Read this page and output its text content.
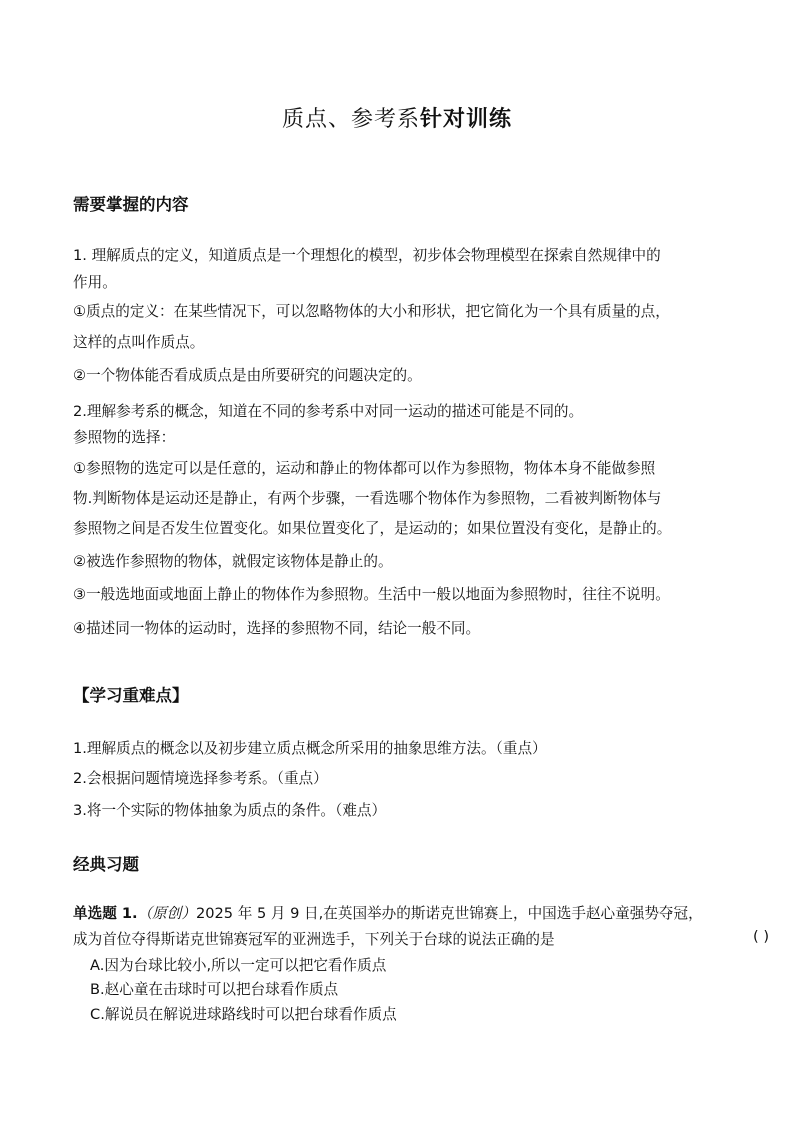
质点、参考系针对训练
需要掌握的内容
1. 理解质点的定义，知道质点是一个理想化的模型，初步体会物理模型在探索自然规律中的
作用。
①质点的定义：在某些情况下，可以忽略物体的大小和形状，把它简化为一个具有质量的点，
这样的点叫作质点。
②一个物体能否看成质点是由所要研究的问题决定的。
2.理解参考系的概念，知道在不同的参考系中对同一运动的描述可能是不同的。
参照物的选择：
①参照物的选定可以是任意的，运动和静止的物体都可以作为参照物，物体本身不能做参照
物.判断物体是运动还是静止，有两个步骤，一看选哪个物体作为参照物，二看被判断物体与
参照物之间是否发生位置变化。如果位置变化了，是运动的；如果位置没有变化，是静止的。
②被选作参照物的物体，就假定该物体是静止的。
③一般选地面或地面上静止的物体作为参照物。生活中一般以地面为参照物时，往往不说明。
④描述同一物体的运动时，选择的参照物不同，结论一般不同。
【学习重难点】
1.理解质点的概念以及初步建立质点概念所采用的抽象思维方法。（重点）
2.会根据问题情境选择参考系。（重点）
3.将一个实际的物体抽象为质点的条件。（难点）
经典习题
单选题 1.（原创）2025 年 5 月 9 日,在英国举办的斯诺克世锦赛上，中国选手赵心童强势夺冠，
成为首位夺得斯诺克世锦赛冠军的亚洲选手，下列关于台球的说法正确的是	( )
A.因为台球比较小,所以一定可以把它看作质点
B.赵心童在击球时可以把台球看作质点
C.解说员在解说进球路线时可以把台球看作质点
